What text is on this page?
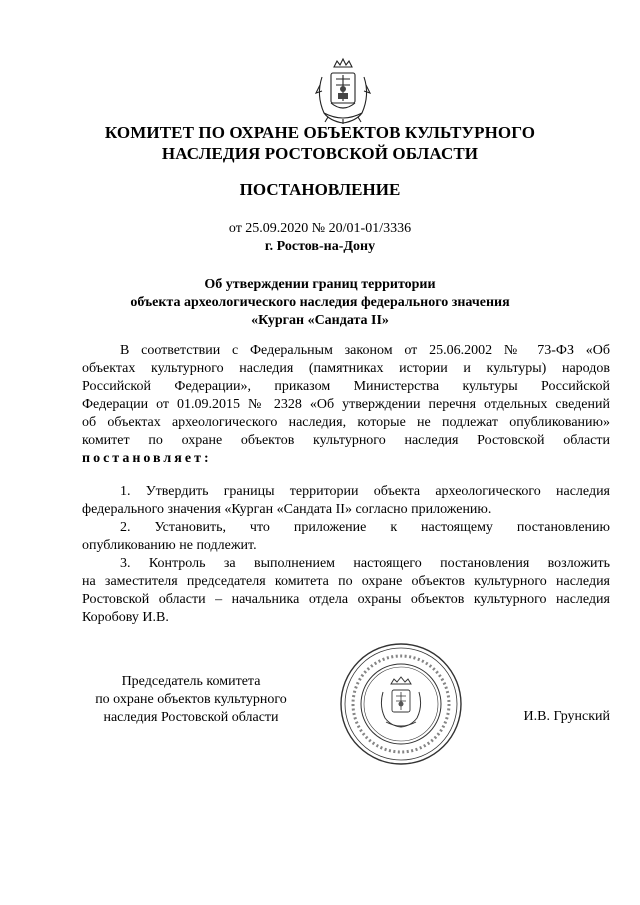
КОМИТЕТ ПО ОХРАНЕ ОБЪЕКТОВ КУЛЬТУРНОГО
НАСЛЕДИЯ РОСТОВСКОЙ ОБЛАСТИ
ПОСТАНОВЛЕНИЕ
от 25.09.2020 № 20/01-01/3336
г. Ростов-на-Дону
Об утверждении границ территории
объекта археологического наследия федерального значения
«Курган «Сандата II»
В соответствии с Федеральным законом от 25.06.2002 № 73-ФЗ «Об
объектах культурного наследия (памятниках истории и культуры) народов
Российской Федерации», приказом Министерства культуры Российской
Федерации от 01.09.2015 № 2328 «Об утверждении перечня отдельных сведений
об объектах археологического наследия, которые не подлежат опубликованию»
комитет по охране объектов культурного наследия Ростовской области
постановляет:
1. Утвердить границы территории объекта археологического наследия
федерального значения «Курган «Сандата II» согласно приложению.
2. Установить, что приложение к настоящему постановлению
опубликованию не подлежит.
3. Контроль за выполнением настоящего постановления возложить
на заместителя председателя комитета по охране объектов культурного наследия
Ростовской области – начальника отдела охраны объектов культурного наследия
Коробову И.В.
Председатель комитета
по охране объектов культурного
наследия Ростовской области	И.В. Грунский
